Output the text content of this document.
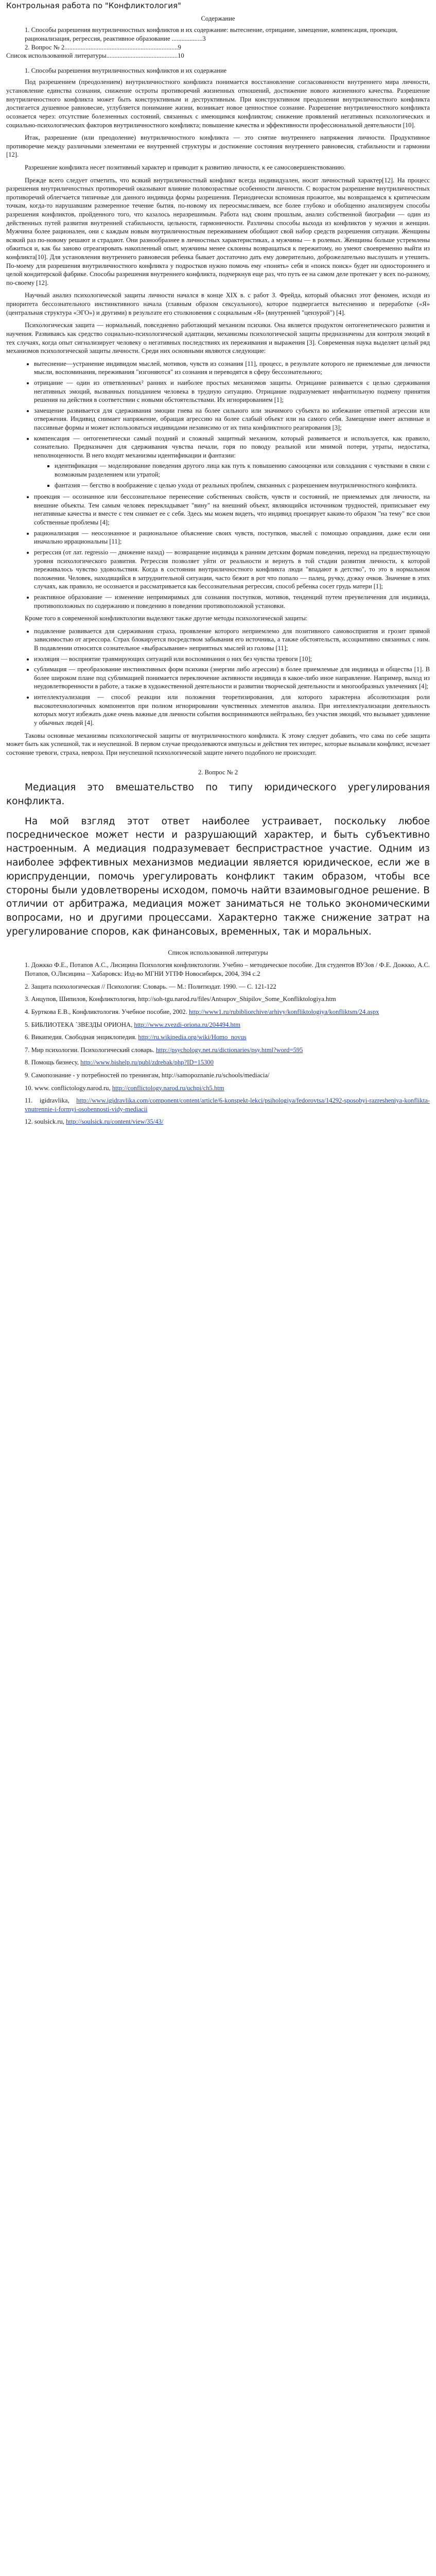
Контрольная работа по "Конфликтология"

Содержание

1. Способы разрешения внутриличностных конфликтов и их содержание: вытеснение, отрицание, замещение, компенсация, проекция, рационализация, регрессия, реактивное образование ...................3

2. Вопрос № 2......................................................................9

Список использованной литературы............................................10

1. Способы разрешения внутриличностных конфликтов и их содержание

Под разрешением (преодолением) внутриличностного конфликта понимается восстановление согласованности внутреннего мира личности, установление единства сознания, снижение остроты противоречий жизненных отношений, достижение нового жизненного качества. Разрешение внутриличностного конфликта может быть конструктивным и деструктивным. При конструктивном преодолении внутриличностного конфликта достигается душевное равновесие, углубляется понимание жизни, возникает новое ценностное сознание. Разрешение внутриличностного конфликта осознается через: отсутствие болезненных состояний, связанных с имеющимся конфликтом; снижение проявлений негативных психологических и социально-психологических факторов внутриличностного конфликта; повышение качества и эффективности профессиональной деятельности [10].

Итак, разрешение (или преодоление) внутриличностного конфликта — это снятие внутреннего напряжения личности. Продуктивное противоречие между различными элементами ее внутренней структуры и достижение состояния внутреннего равновесия, стабильности и гармонии [12].

Разрешение конфликта несет позитивный характер и приводит к развитию личности, к ее самосовершенствованию.

Прежде всего следует отметить, что всякий внутриличностный конфликт всегда индивидуален, носит личностный характер[12]. На процесс разрешения внутриличностных противоречий оказывают влияние половозрастные особенности личности. С возрастом разрешение внутриличностных противоречий облегчается типичные для данного индивида формы разрешения. Периодически вспоминая прожитое, мы возвращаемся к критическим точкам, когда-то нарушавшим размеренное течение бытия, по-новому их переосмысливаем, все более глубоко и обобщенно анализируем способы разрешения конфликтов, пройденного того, что казалось неразрешимым. Работа над своим прошлым, анализ собственной биографии — один из действенных путей развития внутренней стабильности, цельности, гармоничности. Различны способы выхода из конфликтов у мужчин и женщин. Мужчина более рационален, они с каждым новым внутриличностным переживанием обобщают свой набор средств разрешения ситуации. Женщины всякий раз по-новому решают и страдают. Они разнообразнее в личностных характеристиках, а мужчины — в ролевых. Женщины больше устремлены обжиться и, как бы заново отреагировать накопленный опыт, мужчины менее склонны возвращаться к пережитому, но умеют своевременно выйти из конфликта[10]. Для установления внутреннего равновесия ребенка бывает достаточно дать ему доверительно, доброжелательно выслушать и утешить. По-моему для разрешения внутриличностного конфликта у подростков нужно помочь ему «понять» себя и «поиск поиск» будет ни одностороннего и целой кондитерской фабрике. Способы разрешения внутреннего конфликта, подчеркнув еще раз, что путь ее на самом деле протекает у всех по-разному, по-своему [12].

Научный анализ психологической защиты личности начался в конце XIX в. с работ З. Фрейда, который объяснил этот феномен, исходя из приоритета бессознательного инстинктивного начала (главным образом сексуального), которое подвергается вытеснению и переработке («Я» (центральная структура «ЭГО») и другими) в результате его столкновения с социальным «Я» (внутренней "цензурой") [4].

Психологическая защита — нормальный, повседневно работающий механизм психики. Она является продуктом онтогенетического развития и научения. Развиваясь как средство социально-психологической адаптации, механизмы психологической защиты предназначены для контроля эмоций в тех случаях, когда опыт сигнализирует человеку о негативных последствиях их переживания и выражения [3]. Современная наука выделяет целый ряд механизмов психологической защиты личности. Среди них основными являются следующие:

• вытеснение—устранение индивидом мыслей, мотивов, чувств из сознания [11], процесс, в результате которого не приемлемые для личности мысли, воспоминания, переживания "изгоняются" из сознания и переводятся в сферу бессознательного;
• отрицание — один из ответвленных² ранних и наиболее простых механизмов защиты. Отрицание развивается с целью сдерживания негативных эмоций, вызванных попаданием человека в трудную ситуацию. Отрицание подразумевает инфантильную подмену принятия решения на действия в соответствии с новыми обстоятельствами. Их игнорированием [1];
• замещение развивается для сдерживания эмоции гнева на более сильного или значимого субъекта во избежание ответной агрессии или отвержения. Индивид снимает напряжение, обращая агрессию на более слабый объект или на самого себя. Замещение имеет активные и пассивные формы и может использоваться индивидами независимо от их типа конфликтного реагирования [3];
• компенсация — онтогенетически самый поздний и сложный защитный механизм, который развивается и используется, как правило, сознательно. Предназначен для сдерживания чувства печали, горя по поводу реальной или мнимой потери, утраты, недостатка, неполноценности. В него входят механизмы идентификации и фантазии:
▪ идентификация — моделирование поведения другого лица как путь к повышению самооценки или совладания с чувствами в связи с возможным разделением или утратой;
▪ фантазия — бегство в воображение с целью ухода от реальных проблем, связанных с разрешением внутриличностного конфликта.
• проекция — осознанное или бессознательное перенесение собственных свойств, чувств и состояний, не приемлемых для личности, на внешние объекты. Тем самым человек перекладывает "вину" на внешний объект, являющийся источником трудностей, приписывает ему негативные качества и вместе с тем снимает ее с себя. Здесь мы можем видеть, что индивид проецирует каким-то образом "на тему" все свои собственные проблемы [4];
• рационализация — неосознанное и рациональное объяснение своих чувств, поступков, мыслей с помощью оправдания, даже если они иначально иррациональны [11];
• регрессия (от лат. regressio — движение назад) — возвращение индивида к ранним детским формам поведения, переход на предшествующую уровня психологического развития. Регрессия позволяет уйти от реальности и вернуть в той стадии развития личности, к которой переживалось чувство удовольствия. Когда в состоянии внутриличностного конфликта люди "впадают в детство", то это в нормальном положении. Человек, находящийся в затруднительной ситуации, часто бежит в рот что попало — палец, ручку, дужку очков. Значение в этих случаях, как правило, не осознается и рассматривается как бессознательная регрессия, способ ребенка сосет грудь матери [1];
• реактивное образование — изменение непримиримых для сознания поступков, мотивов, тенденций путем преувеличения для индивида, противоположных по содержанию и поведению в поведении противоположной установки.

Кроме того в современной конфликтологии выделяют также другие методы психологической защиты:

• подавление развивается для сдерживания страха, проявление которого неприемлемо для позитивного самовосприятия и грозит прямой зависимостью от агрессора. Страх блокируется посредством забывания его источника, а также обстоятельств, ассоциативно связанных с ним. В подавлении относится сознательное «выбрасывание» неприятных мыслей из головы [11];
• изоляция — восприятие травмирующих ситуаций или воспоминания о них без чувства тревоги [10];
• сублимация — преобразование инстинктивных форм психики (энергии либо агрессии) в более приемлемые для индивида и общества [1]. В более широком плане под сублимацией понимается переключение активности индивида в какое-либо иное направление. Например, выход из неудовлетворенности в работе, а также в художественной деятельности и развитии творческой деятельности и многообразных увлечениях [4];
• интеллектуализация — способ реакции или положения теоретизирования, для которого характерна абсолютизация роли высокотехнологичных компонентов при полном игнорировании чувственных элементов анализа. При интеллектуализации деятельность которых могут избежать даже очень важные для личности события воспринимаются нейтрально, без участия эмоций, что вызывает удивление у обычных людей [4].

Таковы основные механизмы психологической защиты от внутриличностного конфликта. К этому следует добавить, что сама по себе защита может быть как успешной, так и неуспешной. В первом случае преодолеваются импульсы и действия тех интерес, которые вызывали конфликт, исчезает состояние тревоги, страха, невроза. При неуспешной психологической защите ничего подобного не происходит.

2. Вопрос № 2

Медиация это вмешательство по типу юридического урегулирования конфликта.

На мой взгляд этот ответ наиболее устраивает, поскольку любое посредническое может нести и разрушающий характер, и быть субъективно настроенным. А медиация подразумевает беспристрастное участие. Одним из наиболее эффективных механизмов медиации является юридическое, если же в юриспруденции, помочь урегулировать конфликт таким образом, чтобы все стороны были удовлетворены исходом, помочь найти взаимовыгодное решение. В отличии от арбитража, медиация может заниматься не только экономическими вопросами, но и другими процессами. Характерно также снижение затрат на урегулирование споров, как финансовых, временных, так и моральных.

Список использованной литературы

1. Дожкко Ф.Е., Потапов А.С., Лисицина Психология конфликтологии. Учебно – методическое пособие. Для студентов ВУЗов / Ф.Е. Дожкко, А.С. Потапов, О.Лисицина – Хабаровск: Изд-во МГНИ УГПФ Новосибирск, 2004, 394 с.2
2. Защита психологическая // Психология: Словарь. — М.: Политиздат. 1990. — С. 121-122
3. Анцупов, Шипилов, Конфликтология, http://soh-tgu.narod.ru/files/Antsupov_Shipilov_Some_Konfliktologiya.htm
4. Бурткова Е.В., Конфликтология. Учебное пособие, 2002. http://www1.ru/rubibliorchive/arhivy/konfliktologiya/konfliktsm/24.aspx
5. БИБЛИОТЕКА `ЗВЕЗДЫ ОРИОНА, http://www.zvezdi-oriona.ru/204494.htm
6. Википедия. Свободная энциклопедия. http://ru.wikipedia.org/wiki/Homo_novus
7. Мир психологии. Психологический словарь. http://psychology.net.ru/dictionaries/psy.html?word=595
8. Помощь бизнесу, http://www.bishelp.ru/publ/zdrebak/php?ID=15300
9. Самопознание - у потребностей по тренингам, http://samopoznanie.ru/schools/mediacia/
10. www. conflictology.narod.ru, http://conflictology.narod.ru/uchpi/ch5.htm
11. igidravlika, http://www.igidravlika.com/component/content/article/6-konspekt-lekci/psihologiya/fedorovtsa/14292-sposobyi-razresheniya-konflikta-vnutrennie-i-formyi-osobennosti-vidy-mediacii
12. soulsick.ru, http://soulsick.ru/content/view/35/43/
